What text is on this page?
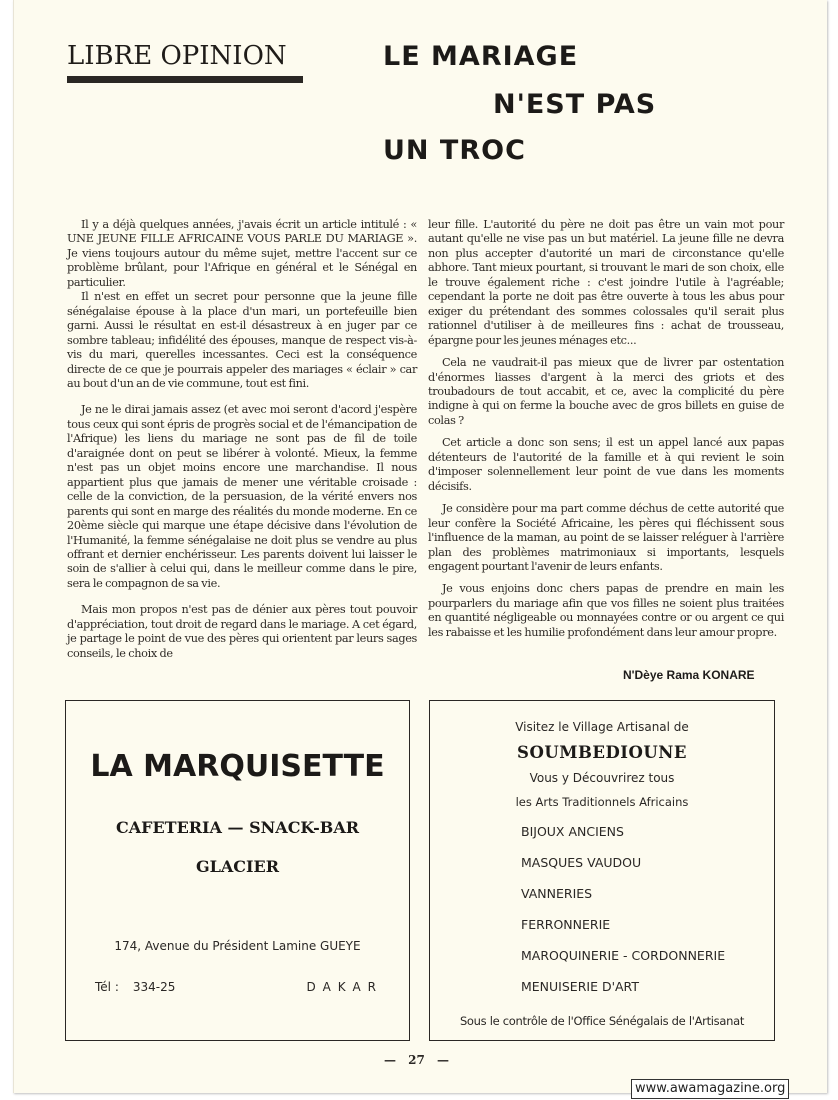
LIBRE OPINION	LE MARIAGE
N'EST PAS
UN TROC

Il y a déjà quelques années, j'avais écrit un article intitulé : « UNE JEUNE FILLE AFRICAINE VOUS PARLE DU MARIAGE ». Je viens toujours autour du même sujet, mettre l'accent sur ce problème brûlant, pour l'Afrique en général et le Sénégal en particulier.

Il n'est en effet un secret pour personne que la jeune fille sénégalaise épouse à la place d'un mari, un portefeuille bien garni. Aussi le résultat en est-il désastreux à en juger par ce sombre tableau; infidélité des épouses, manque de respect vis-à-vis du mari, querelles incessantes. Ceci est la conséquence directe de ce que je pourrais appeler des mariages « éclair » car au bout d'un an de vie commune, tout est fini.

Je ne le dirai jamais assez (et avec moi seront d'acord j'espère tous ceux qui sont épris de progrès social et de l'émancipation de l'Afrique) les liens du mariage ne sont pas de fil de toile d'araignée dont on peut se libérer à volonté. Mieux, la femme n'est pas un objet moins encore une marchandise. Il nous appartient plus que jamais de mener une véritable croisade : celle de la conviction, de la persuasion, de la vérité envers nos parents qui sont en marge des réalités du monde moderne. En ce 20ème siècle qui marque une étape décisive dans l'évolution de l'Humanité, la femme sénégalaise ne doit plus se vendre au plus offrant et dernier enchérisseur. Les parents doivent lui laisser le soin de s'allier à celui qui, dans le meilleur comme dans le pire, sera le compagnon de sa vie.

Mais mon propos n'est pas de dénier aux pères tout pouvoir d'appréciation, tout droit de regard dans le mariage. A cet égard, je partage le point de vue des pères qui orientent par leurs sages conseils, le choix de

leur fille. L'autorité du père ne doit pas être un vain mot pour autant qu'elle ne vise pas un but matériel. La jeune fille ne devra non plus accepter d'autorité un mari de circonstance qu'elle abhore. Tant mieux pourtant, si trouvant le mari de son choix, elle le trouve également riche : c'est joindre l'utile à l'agréable; cependant la porte ne doit pas être ouverte à tous les abus pour exiger du prétendant des sommes colossales qu'il serait plus rationnel d'utiliser à de meilleures fins : achat de trousseau, épargne pour les jeunes ménages etc...

Cela ne vaudrait-il pas mieux que de livrer par ostentation d'énormes liasses d'argent à la merci des griots et des troubadours de tout accabit, et ce, avec la complicité du père indigne à qui on ferme la bouche avec de gros billets en guise de colas ?

Cet article a donc son sens; il est un appel lancé aux papas détenteurs de l'autorité de la famille et à qui revient le soin d'imposer solennellement leur point de vue dans les moments décisifs.

Je considère pour ma part comme déchus de cette autorité que leur confère la Société Africaine, les pères qui fléchissent sous l'influence de la maman, au point de se laisser reléguer à l'arrière plan des problèmes matrimoniaux si importants, lesquels engagent pourtant l'avenir de leurs enfants.

Je vous enjoins donc chers papas de prendre en main les pourparlers du mariage afin que vos filles ne soient plus traitées en quantité négligeable ou monnayées contre or ou argent ce qui les rabaisse et les humilie profondément dans leur amour propre.

N'Dèye Rama KONARE
LA MARQUISETTE
CAFETERIA — SNACK-BAR
GLACIER
174, Avenue du Président Lamine GUEYE
Tél : 334-25	DAKAR
Visitez le Village Artisanal de
SOUMBEDIOUNE
Vous y Découvrirez tous
les Arts Traditionnels Africains
BIJOUX ANCIENS
MASQUES VAUDOU
VANNERIES
FERRONNERIE
MAROQUINERIE - CORDONNERIE
MENUISERIE D'ART
Sous le contrôle de l'Office Sénégalais de l'Artisanat
— 27 —
www.awamagazine.org
